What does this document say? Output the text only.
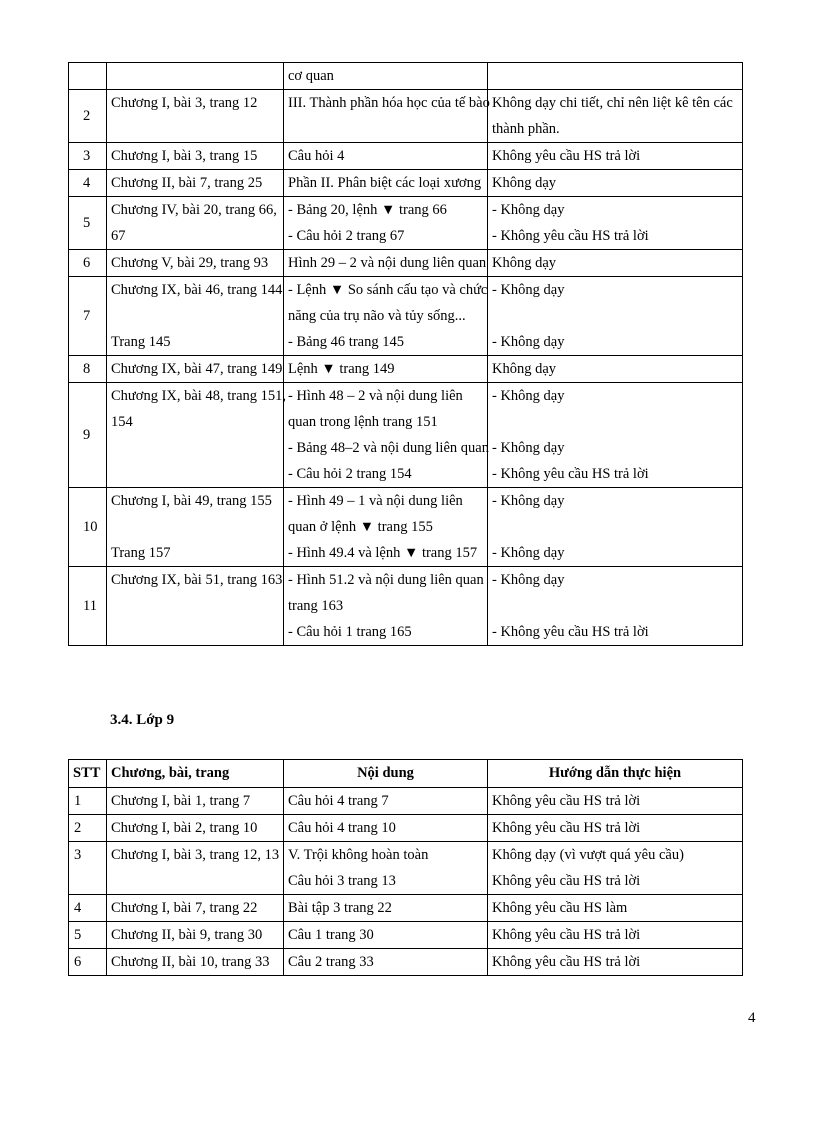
		cơ quan	

2	Chương I, bài 3, trang 12	III. Thành phần hóa học của tế bào	Không dạy chi tiết, chỉ nên liệt kê tên các
thành phần.

3	Chương I, bài 3, trang 15	Câu hỏi 4	Không yêu cầu HS trả lời

4	Chương II, bài 7, trang 25	Phần II. Phân biệt các loại xương	Không dạy

5	Chương IV, bài 20, trang 66,
67	- Bảng 20, lệnh ▼ trang 66
- Câu hỏi 2 trang 67	- Không dạy
- Không yêu cầu HS trả lời

6	Chương V, bài 29, trang 93	Hình 29 – 2 và nội dung liên quan	Không dạy

7	Chương IX, bài 46, trang 144

Trang 145	- Lệnh ▼ So sánh cấu tạo và chức
năng của trụ não và tủy sống...
- Bảng 46 trang 145	- Không dạy

- Không dạy

8	Chương IX, bài 47, trang 149	Lệnh ▼ trang 149	Không dạy

9	Chương IX, bài 48, trang 151,
154	- Hình 48 – 2 và nội dung liên
quan trong lệnh trang 151
- Bảng 48–2 và nội dung liên quan
- Câu hỏi 2 trang 154	- Không dạy

- Không dạy
- Không yêu cầu HS trả lời

10	Chương I, bài 49, trang 155

Trang 157	- Hình 49 – 1 và nội dung liên
quan ở lệnh ▼ trang 155
- Hình 49.4 và lệnh ▼ trang 157	- Không dạy

- Không dạy

11	Chương IX, bài 51, trang 163	- Hình 51.2 và nội dung liên quan
trang 163
- Câu hỏi 1 trang 165	- Không dạy

- Không yêu cầu HS trả lời
3.4. Lớp 9
STT	Chương, bài, trang	Nội dung	Hướng dẫn thực hiện
1	Chương I, bài 1, trang 7	Câu hỏi 4 trang 7	Không yêu cầu HS trả lời

2	Chương I, bài 2, trang 10	Câu hỏi 4 trang 10	Không yêu cầu HS trả lời

3	Chương I, bài 3, trang 12, 13	V. Trội không hoàn toàn
Câu hỏi 3 trang 13	Không dạy (vì vượt quá yêu cầu)
Không yêu cầu HS trả lời

4	Chương I, bài 7, trang 22	Bài tập 3 trang 22	Không yêu cầu HS làm

5	Chương II, bài 9, trang 30	Câu 1 trang 30	Không yêu cầu HS trả lời

6	Chương II, bài 10, trang 33	Câu 2 trang 33	Không yêu cầu HS trả lời
4
